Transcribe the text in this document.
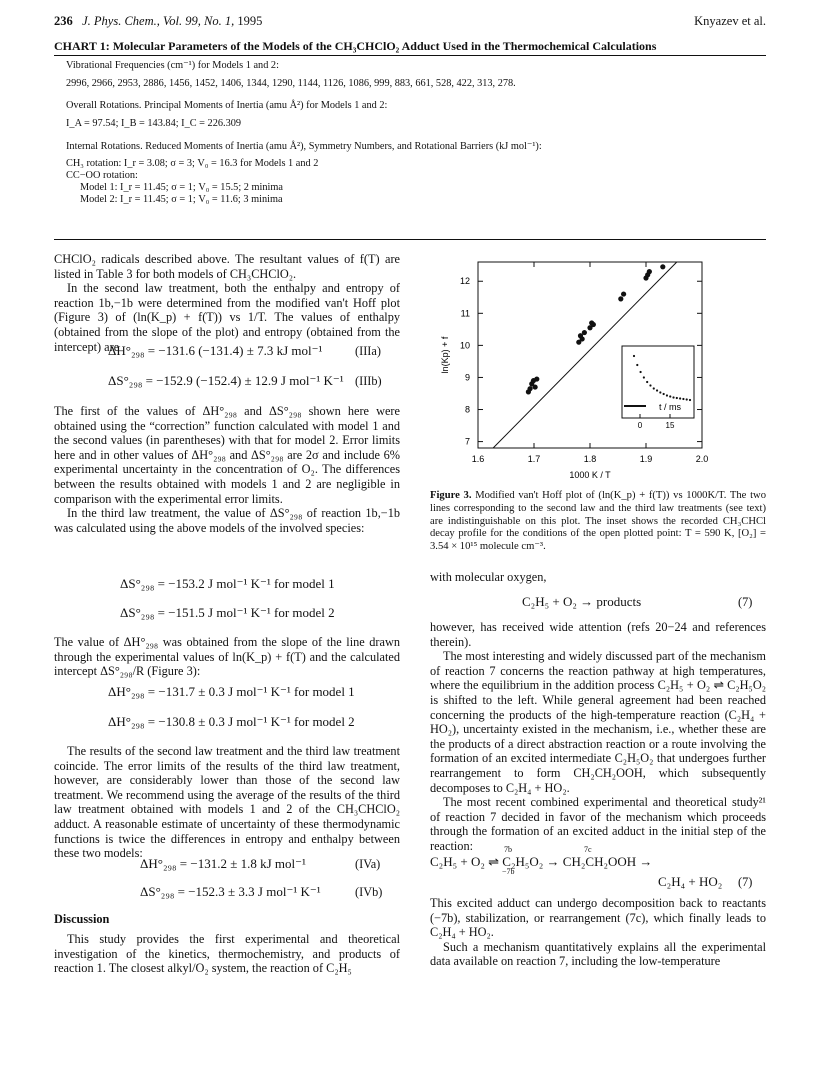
236 J. Phys. Chem., Vol. 99, No. 1, 1995	Knyazev et al.
CHART 1: Molecular Parameters of the Models of the CH₃CHClO₂ Adduct Used in the Thermochemical Calculations
Vibrational Frequencies (cm⁻¹) for Models 1 and 2:
2996, 2966, 2953, 2886, 1456, 1452, 1406, 1344, 1290, 1144, 1126, 1086, 999, 883, 661, 528, 422, 313, 278.
Overall Rotations. Principal Moments of Inertia (amu Å²) for Models 1 and 2:
I_A = 97.54; I_B = 143.84; I_C = 226.309
Internal Rotations. Reduced Moments of Inertia (amu Å²), Symmetry Numbers, and Rotational Barriers (kJ mol⁻¹):
CH₃ rotation: I_r = 3.08; σ = 3; V₀ = 16.3 for Models 1 and 2
CC−OO rotation:
Model 1: I_r = 11.45; σ = 1; V₀ = 15.5; 2 minima
Model 2: I_r = 11.45; σ = 1; V₀ = 11.6; 3 minima

CHClO₂ radicals described above. The resultant values of f(T) are listed in Table 3 for both models of CH₃CHClO₂.

In the second law treatment, both the enthalpy and entropy of reaction 1b,−1b were determined from the modified van't Hoff plot (Figure 3) of (ln(K_p) + f(T)) vs 1/T. The values of enthalpy (obtained from the slope of the plot) and entropy (obtained from the intercept) are

ΔH°₂₉₈ = −131.6 (−131.4) ± 7.3 kJ mol⁻¹	(IIIa)
ΔS°₂₉₈ = −152.9 (−152.4) ± 12.9 J mol⁻¹ K⁻¹ (IIIb)

The first of the values of ΔH°₂₉₈ and ΔS°₂₉₈ shown here were obtained using the “correction” function calculated with model 1 and the second values (in parentheses) with that for model 2. Error limits here and in other values of ΔH°₂₉₈ and ΔS°₂₉₈ are 2σ and include 6% experimental uncertainty in the concentration of O₂. The differences between the results obtained with models 1 and 2 are negligible in comparison with the experimental error limits.

In the third law treatment, the value of ΔS°₂₉₈ of reaction 1b,−1b was calculated using the above models of the involved species:

ΔS°₂₉₈ = −153.2 J mol⁻¹ K⁻¹ for model 1
ΔS°₂₉₈ = −151.5 J mol⁻¹ K⁻¹ for model 2

The value of ΔH°₂₉₈ was obtained from the slope of the line drawn through the experimental values of ln(K_p) + f(T) and the calculated intercept ΔS°₂₉₈/R (Figure 3):

ΔH°₂₉₈ = −131.7 ± 0.3 J mol⁻¹ K⁻¹ for model 1
ΔH°₂₉₈ = −130.8 ± 0.3 J mol⁻¹ K⁻¹ for model 2

The results of the second law treatment and the third law treatment coincide. The error limits of the results of the third law treatment, however, are considerably lower than those of the second law treatment. We recommend using the average of the results of the third law treatment obtained with models 1 and 2 of the CH₃CHClO₂ adduct. A reasonable estimate of uncertainty of these thermodynamic functions is twice the differences in entropy and enthalpy between these two models:

ΔH°₂₉₈ = −131.2 ± 1.8 kJ mol⁻¹	(IVa)
ΔS°₂₉₈ = −152.3 ± 3.3 J mol⁻¹ K⁻¹	(IVb)
Discussion

This study provides the first experimental and theoretical investigation of the kinetics, thermochemistry, and products of reaction 1. The closest alkyl/O₂ system, the reaction of C₂H₅

1.6	1.7	1.8	1.9	2.0
7
8
9
10
11
12
1000 K / T
ln(Kp) + f
t / ms
0	15
Figure 3. Modified van't Hoff plot of (ln(K_p) + f(T)) vs 1000K/T. The two lines corresponding to the second law and the third law treatments (see text) are indistinguishable on this plot. The inset shows the recorded CH₃CHCl decay profile for the conditions of the open plotted point: T = 590 K, [O₂] = 3.54 × 10¹⁵ molecule cm⁻³.

with molecular oxygen,

C₂H₅ + O₂ → products	(7)

however, has received wide attention (refs 20−24 and references therein).

The most interesting and widely discussed part of the mechanism of reaction 7 concerns the reaction pathway at high temperatures, where the equilibrium in the addition process C₂H₅ + O₂ ⇌ C₂H₅O₂ is shifted to the left. While general agreement had been reached concerning the products of the high-temperature reaction (C₂H₄ + HO₂), uncertainty existed in the mechanism, i.e., whether these are the products of a direct abstraction reaction or a route involving the formation of an excited intermediate C₂H₅O₂ that undergoes further rearrangement to form CH₂CH₂OOH, which subsequently decomposes to C₂H₄ + HO₂.

The most recent combined experimental and theoretical study²¹ of reaction 7 decided in favor of the mechanism which proceeds through the formation of an excited adduct in the initial step of the reaction:

C₂H₅ + O₂ ⇌ C₂H₅O₂ → CH₂CH₂OOH →
7b
−7b
7c
C₂H₄ + HO₂ (7)

This excited adduct can undergo decomposition back to reactants (−7b), stabilization, or rearrangement (7c), which finally leads to C₂H₄ + HO₂.

Such a mechanism quantitatively explains all the experimental data available on reaction 7, including the low-temperature
